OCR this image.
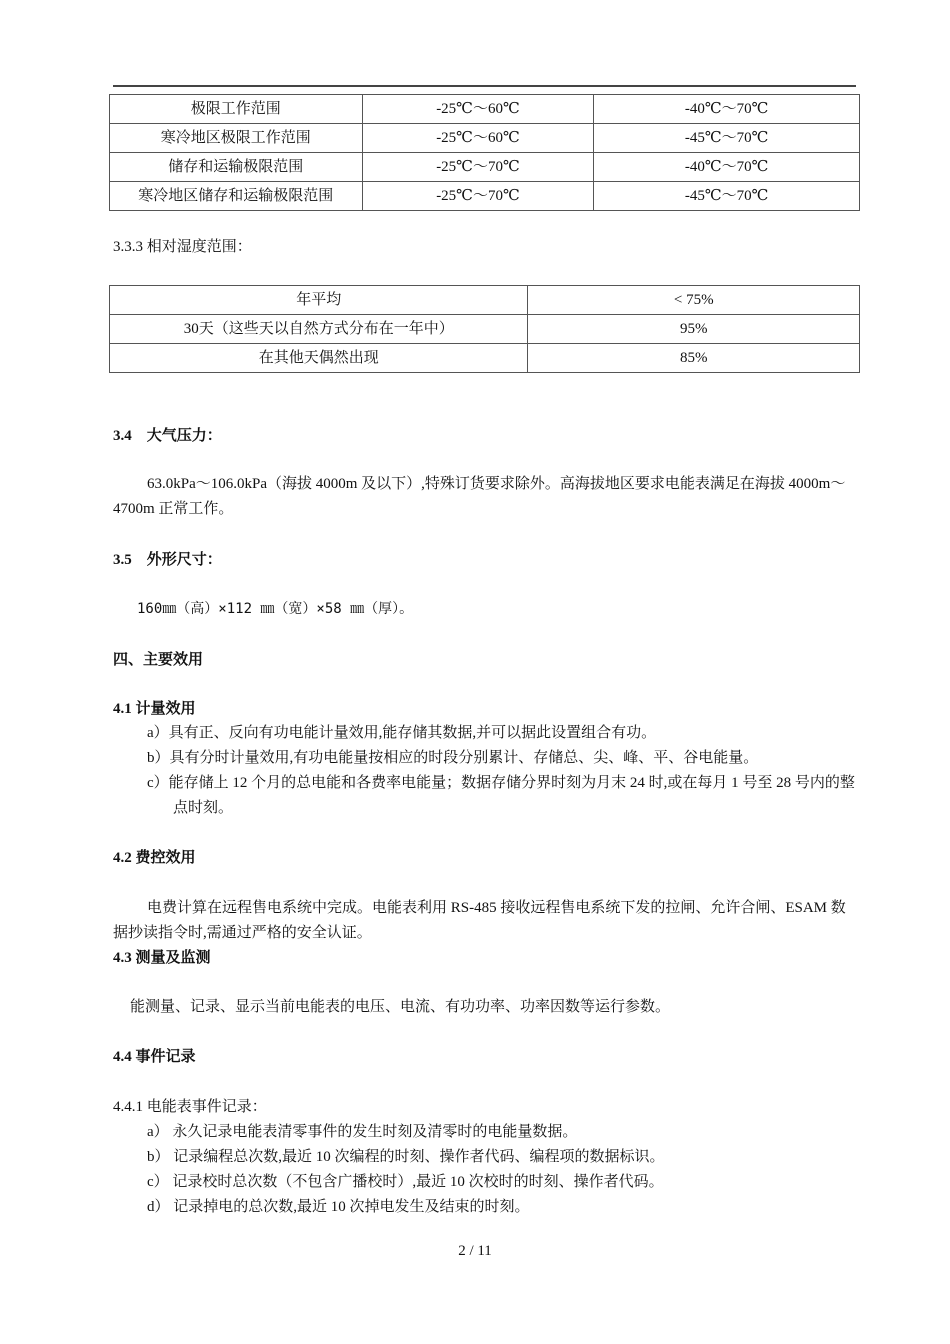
极限工作范围	-25℃～60℃	-40℃～70℃
寒冷地区极限工作范围	-25℃～60℃	-45℃～70℃
储存和运输极限范围	-25℃～70℃	-40℃～70℃
寒冷地区储存和运输极限范围	-25℃～70℃	-45℃～70℃
3.3.3 相对湿度范围：
年平均	< 75%
30天（这些天以自然方式分布在一年中）	95%
在其他天偶然出现	85%
3.4　大气压力：
63.0kPa～106.0kPa（海拔 4000m 及以下）,特殊订货要求除外。高海拔地区要求电能表满足在海拔 4000m～4700m 正常工作。
3.5　外形尺寸：
160㎜（高）×112 ㎜（宽）×58 ㎜（厚）。
四、主要效用
4.1 计量效用
a）具有正、反向有功电能计量效用,能存储其数据,并可以据此设置组合有功。
b）具有分时计量效用,有功电能量按相应的时段分别累计、存储总、尖、峰、平、谷电能量。
c）能存储上 12 个月的总电能和各费率电能量；数据存储分界时刻为月末 24 时,或在每月 1 号至 28 号内的整点时刻。
4.2 费控效用
电费计算在远程售电系统中完成。电能表利用 RS-485 接收远程售电系统下发的拉闸、允许合闸、ESAM 数据抄读指令时,需通过严格的安全认证。
4.3 测量及监测
能测量、记录、显示当前电能表的电压、电流、有功功率、功率因数等运行参数。
4.4 事件记录
4.4.1 电能表事件记录：
a） 永久记录电能表清零事件的发生时刻及清零时的电能量数据。
b） 记录编程总次数,最近 10 次编程的时刻、操作者代码、编程项的数据标识。
c） 记录校时总次数（不包含广播校时）,最近 10 次校时的时刻、操作者代码。
d） 记录掉电的总次数,最近 10 次掉电发生及结束的时刻。
2 / 11
